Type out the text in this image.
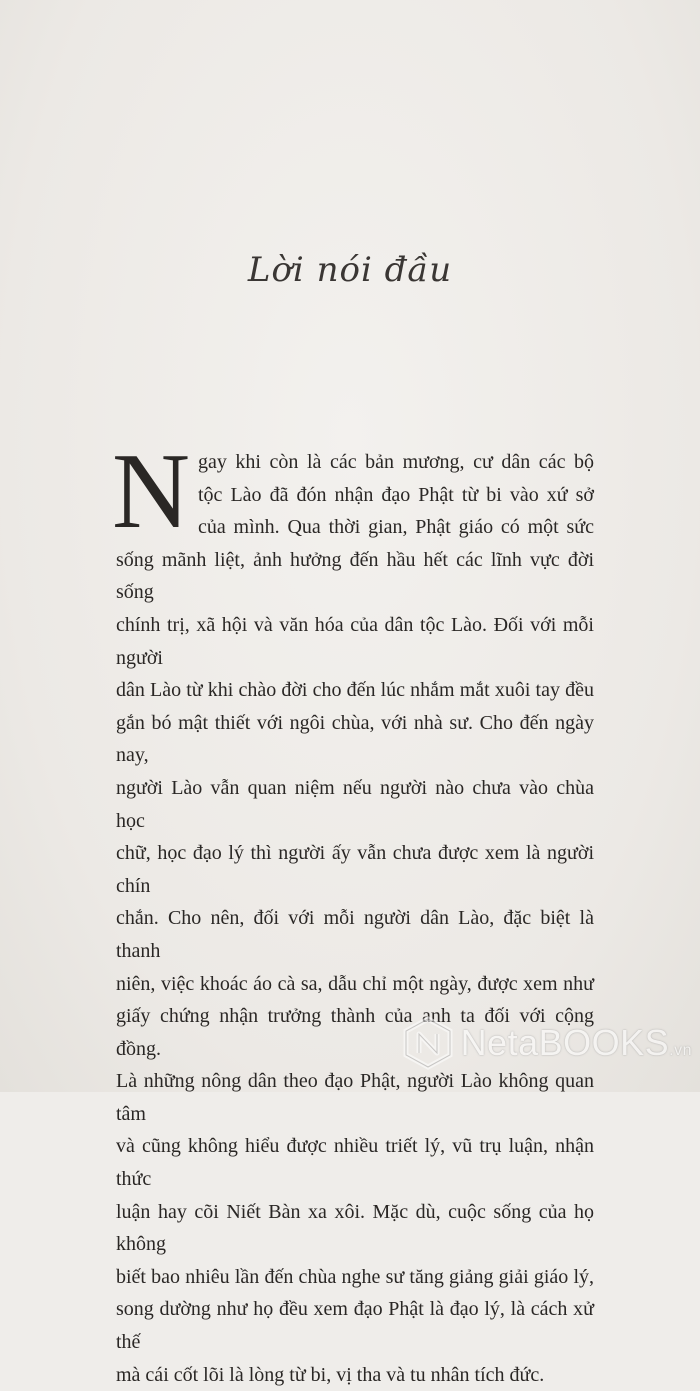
Lời nói đầu
N gay khi còn là các bản mương, cư dân các bộ
tộc Lào đã đón nhận đạo Phật từ bi vào xứ sở
của mình. Qua thời gian, Phật giáo có một sức
sống mãnh liệt, ảnh hưởng đến hầu hết các lĩnh vực đời sống
chính trị, xã hội và văn hóa của dân tộc Lào. Đối với mỗi người
dân Lào từ khi chào đời cho đến lúc nhắm mắt xuôi tay đều
gắn bó mật thiết với ngôi chùa, với nhà sư. Cho đến ngày nay,
người Lào vẫn quan niệm nếu người nào chưa vào chùa học
chữ, học đạo lý thì người ấy vẫn chưa được xem là người chín
chắn. Cho nên, đối với mỗi người dân Lào, đặc biệt là thanh
niên, việc khoác áo cà sa, dẫu chỉ một ngày, được xem như
giấy chứng nhận trưởng thành của anh ta đối với cộng đồng.
Là những nông dân theo đạo Phật, người Lào không quan tâm
và cũng không hiểu được nhiều triết lý, vũ trụ luận, nhận thức
luận hay cõi Niết Bàn xa xôi. Mặc dù, cuộc sống của họ không
biết bao nhiêu lần đến chùa nghe sư tăng giảng giải giáo lý,
song dường như họ đều xem đạo Phật là đạo lý, là cách xử thế
mà cái cốt lõi là lòng từ bi, vị tha và tu nhân tích đức.
NetaBOOKS.vn
